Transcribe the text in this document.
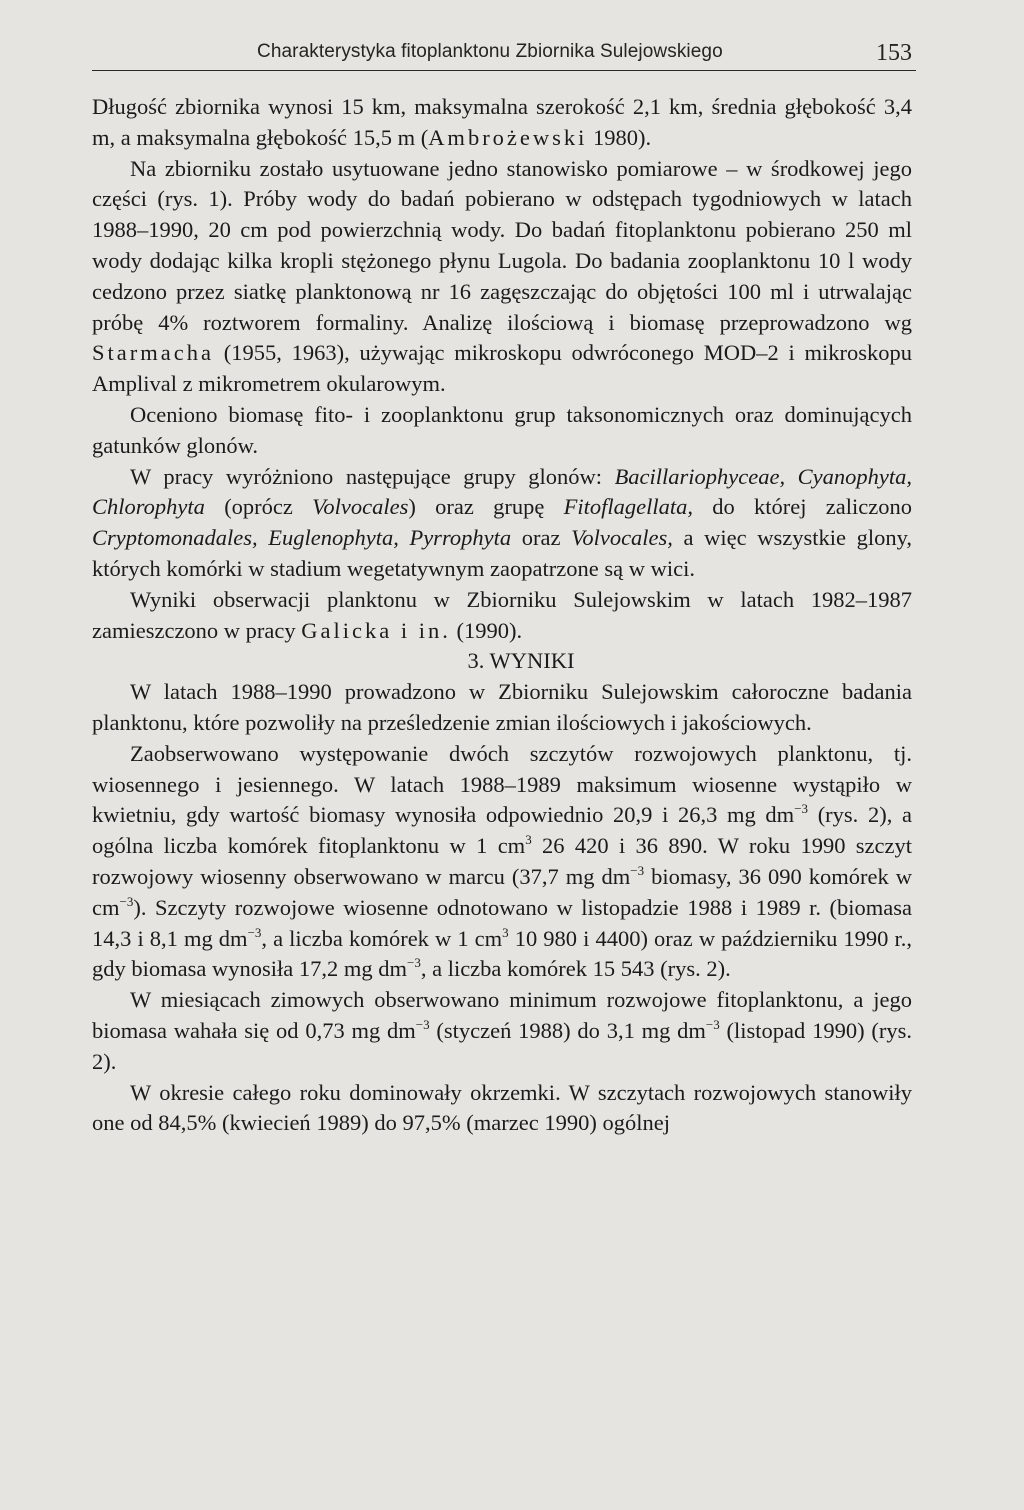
Charakterystyka fitoplanktonu Zbiornika Sulejowskiego	153

Długość zbiornika wynosi 15 km, maksymalna szerokość 2,1 km, średnia głębokość 3,4 m, a maksymalna głębokość 15,5 m (Ambrożewski 1980).

Na zbiorniku zostało usytuowane jedno stanowisko pomiarowe – w środkowej jego części (rys. 1). Próby wody do badań pobierano w odstępach tygodniowych w latach 1988–1990, 20 cm pod powierzchnią wody. Do badań fitoplanktonu pobierano 250 ml wody dodając kilka kropli stężonego płynu Lugola. Do badania zooplanktonu 10 l wody cedzono przez siatkę planktonową nr 16 zagęszczając do objętości 100 ml i utrwalając próbę 4% roztworem formaliny. Analizę ilościową i biomasę przeprowadzono wg Starmacha (1955, 1963), używając mikroskopu odwróconego MOD–2 i mikroskopu Amplival z mikrometrem okularowym.

Oceniono biomasę fito- i zooplanktonu grup taksonomicznych oraz dominujących gatunków glonów.

W pracy wyróżniono następujące grupy glonów: Bacillariophyceae, Cyanophyta, Chlorophyta (oprócz Volvocales) oraz grupę Fitoflagellata, do której zaliczono Cryptomonadales, Euglenophyta, Pyrrophyta oraz Volvocales, a więc wszystkie glony, których komórki w stadium wegetatywnym zaopatrzone są w wici.

Wyniki obserwacji planktonu w Zbiorniku Sulejowskim w latach 1982–1987 zamieszczono w pracy Galicka i in. (1990).

3. WYNIKI

W latach 1988–1990 prowadzono w Zbiorniku Sulejowskim całoroczne badania planktonu, które pozwoliły na prześledzenie zmian ilościowych i jakościowych.

Zaobserwowano występowanie dwóch szczytów rozwojowych planktonu, tj. wiosennego i jesiennego. W latach 1988–1989 maksimum wiosenne wystąpiło w kwietniu, gdy wartość biomasy wynosiła odpowiednio 20,9 i 26,3 mg $dm^{-3}$ (rys. 2), a ogólna liczba komórek fitoplanktonu w 1 $cm^3$ 26 420 i 36 890. W roku 1990 szczyt rozwojowy wiosenny obserwowano w marcu (37,7 mg $dm^{-3}$ biomasy, 36 090 komórek w $cm^{-3}$). Szczyty rozwojowe wiosenne odnotowano w listopadzie 1988 i 1989 r. (biomasa 14,3 i 8,1 mg $dm^{-3}$, a liczba komórek w 1 $cm^3$ 10 980 i 4400) oraz w październiku 1990 r., gdy biomasa wynosiła 17,2 mg $dm^{-3}$, a liczba komórek 15 543 (rys. 2).

W miesiącach zimowych obserwowano minimum rozwojowe fitoplanktonu, a jego biomasa wahała się od 0,73 mg $dm^{-3}$ (styczeń 1988) do 3,1 mg $dm^{-3}$ (listopad 1990) (rys. 2).

W okresie całego roku dominowały okrzemki. W szczytach rozwojowych stanowiły one od 84,5% (kwiecień 1989) do 97,5% (marzec 1990) ogólnej
